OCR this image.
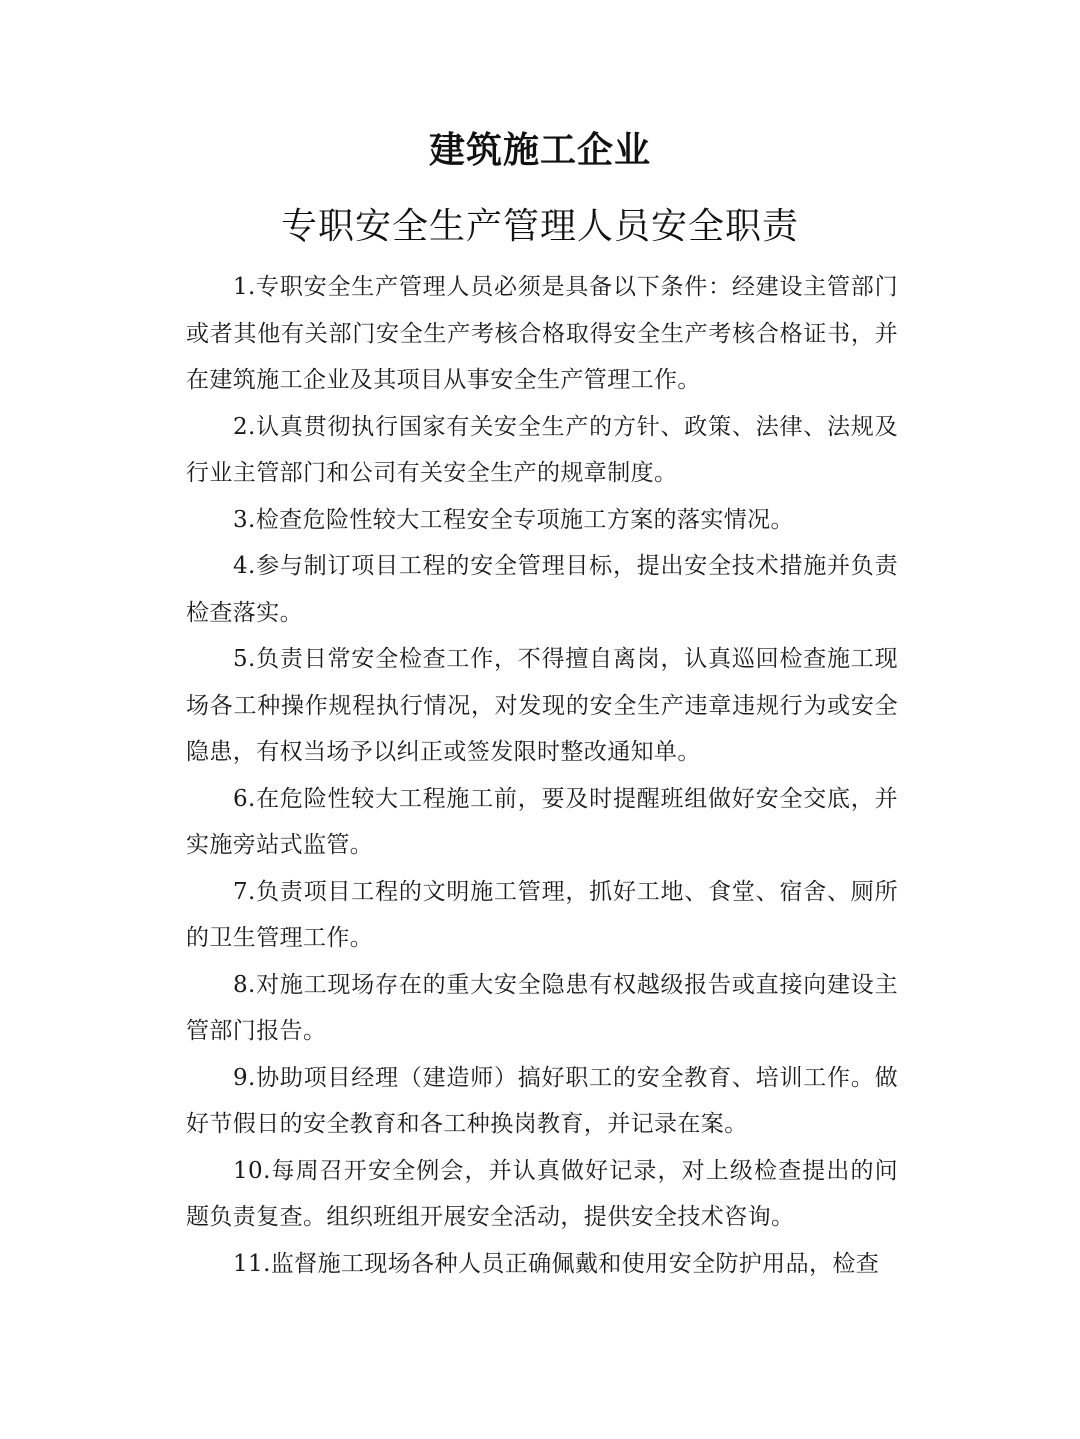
建筑施工企业
专职安全生产管理人员安全职责

1.专职安全生产管理人员必须是具备以下条件：经建设主管部门或者其他有关部门安全生产考核合格取得安全生产考核合格证书，并在建筑施工企业及其项目从事安全生产管理工作。

2.认真贯彻执行国家有关安全生产的方针、政策、法律、法规及行业主管部门和公司有关安全生产的规章制度。

3.检查危险性较大工程安全专项施工方案的落实情况。

4.参与制订项目工程的安全管理目标，提出安全技术措施并负责检查落实。

5.负责日常安全检查工作，不得擅自离岗，认真巡回检查施工现场各工种操作规程执行情况，对发现的安全生产违章违规行为或安全隐患，有权当场予以纠正或签发限时整改通知单。

6.在危险性较大工程施工前，要及时提醒班组做好安全交底，并实施旁站式监管。

7.负责项目工程的文明施工管理，抓好工地、食堂、宿舍、厕所的卫生管理工作。

8.对施工现场存在的重大安全隐患有权越级报告或直接向建设主管部门报告。

9.协助项目经理（建造师）搞好职工的安全教育、培训工作。做好节假日的安全教育和各工种换岗教育，并记录在案。

10.每周召开安全例会，并认真做好记录，对上级检查提出的问题负责复查。组织班组开展安全活动，提供安全技术咨询。

11.监督施工现场各种人员正确佩戴和使用安全防护用品，检查
